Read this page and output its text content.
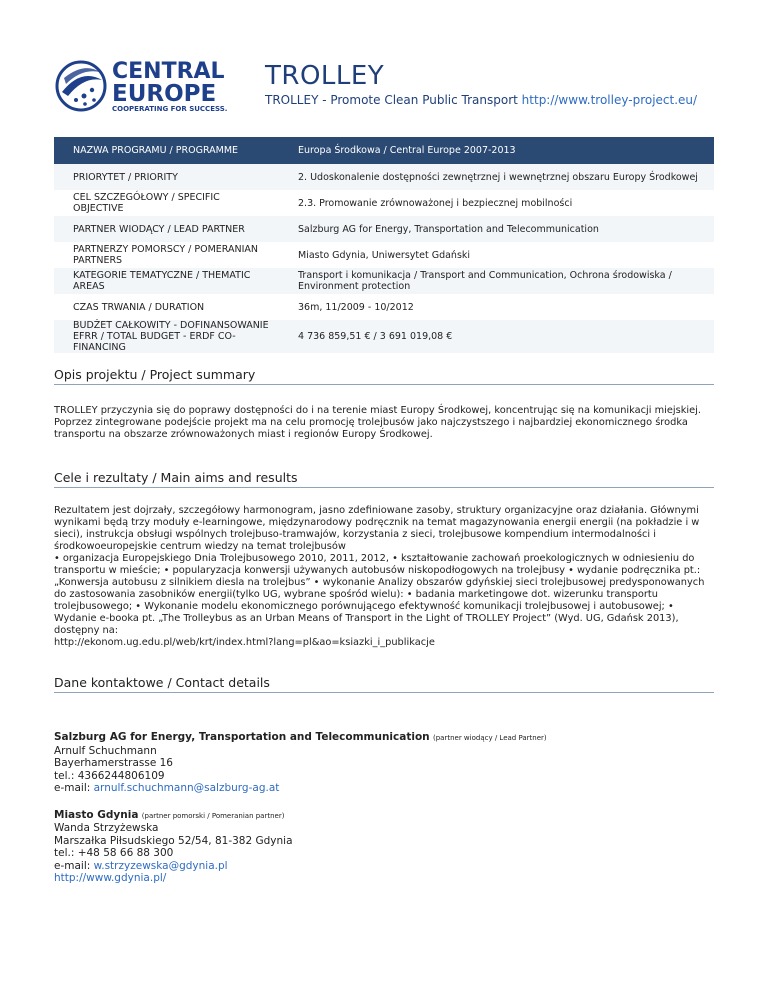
CENTRAL
EUROPE
COOPERATING FOR SUCCESS.
TROLLEY
TROLLEY - Promote Clean Public Transport http://www.trolley-project.eu/
NAZWA PROGRAMU / PROGRAMME	Europa Środkowa / Central Europe 2007-2013
PRIORYTET / PRIORITY	2. Udoskonalenie dostępności zewnętrznej i wewnętrznej obszaru Europy Środkowej
CEL SZCZEGÓŁOWY / SPECIFIC OBJECTIVE	2.3. Promowanie zrównoważonej i bezpiecznej mobilności
PARTNER WIODĄCY / LEAD PARTNER	Salzburg AG for Energy, Transportation and Telecommunication
PARTNERZY POMORSCY / POMERANIAN PARTNERS	Miasto Gdynia, Uniwersytet Gdański
KATEGORIE TEMATYCZNE / THEMATIC AREAS	Transport i komunikacja / Transport and Communication, Ochrona środowiska / Environment protection
CZAS TRWANIA / DURATION	36m, 11/2009 - 10/2012
BUDŻET CAŁKOWITY - DOFINANSOWANIE EFRR / TOTAL BUDGET - ERDF CO-FINANCING	4 736 859,51 € / 3 691 019,08 €
Opis projektu / Project summary

TROLLEY przyczynia się do poprawy dostępności do i na terenie miast Europy Środkowej, koncentrując się na komunikacji miejskiej. Poprzez zintegrowane podejście projekt ma na celu promocję trolejbusów jako najczystszego i najbardziej ekonomicznego środka transportu na obszarze zrównoważonych miast i regionów Europy Środkowej.

Cele i rezultaty / Main aims and results

Rezultatem jest dojrzały, szczegółowy harmonogram, jasno zdefiniowane zasoby, struktury organizacyjne oraz działania. Głównymi wynikami będą trzy moduły e-learningowe, międzynarodowy podręcznik na temat magazynowania energii energii (na pokładzie i w sieci), instrukcja obsługi wspólnych trolejbuso-tramwajów, korzystania z sieci, trolejbusowe kompendium intermodalności i środkowoeuropejskie centrum wiedzy na temat trolejbusów
• organizacja Europejskiego Dnia Trolejbusowego 2010, 2011, 2012, • kształtowanie zachowań proekologicznych w odniesieniu do transportu w mieście; • popularyzacja konwersji używanych autobusów niskopodłogowych na trolejbusy • wydanie podręcznika pt.: „Konwersja autobusu z silnikiem diesla na trolejbus” • wykonanie Analizy obszarów gdyńskiej sieci trolejbusowej predysponowanych do zastosowania zasobników energii(tylko UG, wybrane spośród wielu): • badania marketingowe dot. wizerunku transportu trolejbusowego; • Wykonanie modelu ekonomicznego porównującego efektywność komunikacji trolejbusowej i autobusowej; • Wydanie e-booka pt. „The Trolleybus as an Urban Means of Transport in the Light of TROLLEY Project” (Wyd. UG, Gdańsk 2013), dostępny na:
http://ekonom.ug.edu.pl/web/krt/index.html?lang=pl&ao=ksiazki_i_publikacje

Dane kontaktowe / Contact details
Salzburg AG for Energy, Transportation and Telecommunication (partner wiodący / Lead Partner)
Arnulf Schuchmann
Bayerhamerstrasse 16
tel.: 4366244806109
e-mail: arnulf.schuchmann@salzburg-ag.at
Miasto Gdynia (partner pomorski / Pomeranian partner)
Wanda Strzyżewska
Marszałka Piłsudskiego 52/54, 81-382 Gdynia
tel.: +48 58 66 88 300
e-mail: w.strzyzewska@gdynia.pl
http://www.gdynia.pl/
